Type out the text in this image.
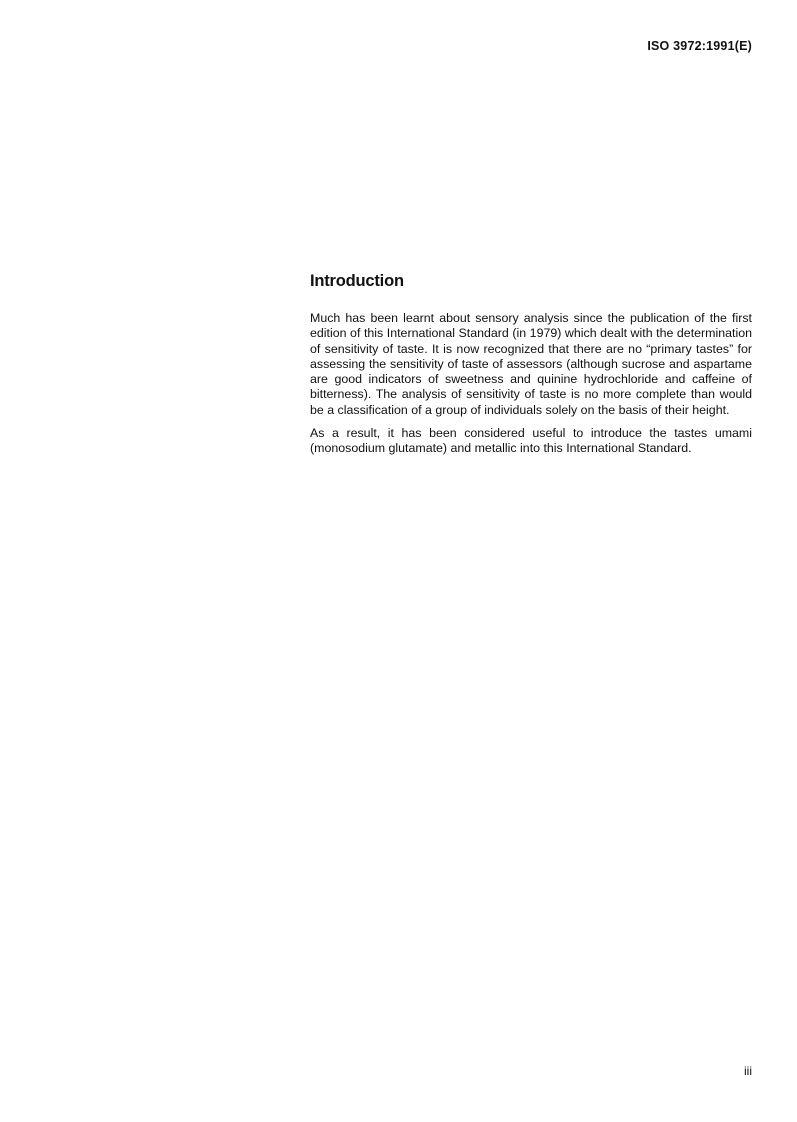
ISO 3972:1991(E)
Introduction

Much has been learnt about sensory analysis since the publication of the first edition of this International Standard (in 1979) which dealt with the determination of sensitivity of taste. It is now recognized that there are no “primary tastes” for assessing the sensitivity of taste of assessors (although sucrose and aspartame are good indicators of sweetness and quinine hydrochloride and caffeine of bitterness). The analysis of sensitivity of taste is no more complete than would be a classification of a group of individuals solely on the basis of their height.

As a result, it has been considered useful to introduce the tastes umami (monosodium glutamate) and metallic into this International Standard.

iii
